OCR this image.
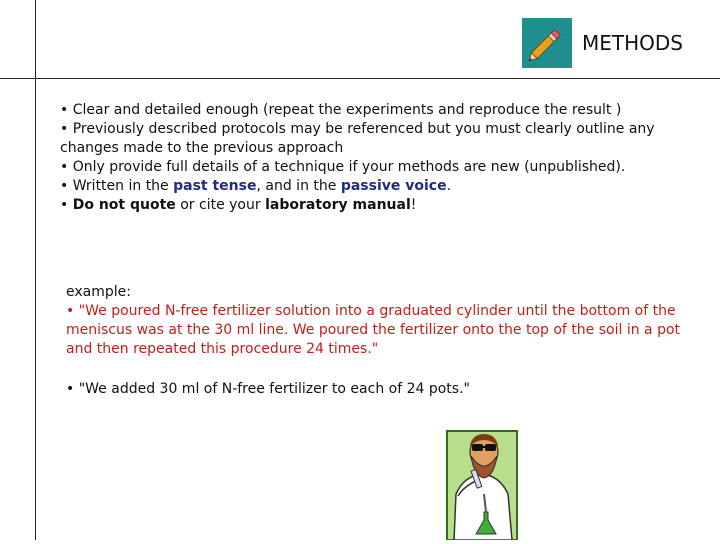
METHODS

• Clear and detailed enough (repeat the experiments and reproduce the result )

• Previously described protocols may be referenced but you must clearly outline any changes made to the previous approach

• Only provide full details of a technique if your methods are new (unpublished).

• Written in the past tense, and in the passive voice.

• Do not quote or cite your laboratory manual!

example:

• "We poured N-free fertilizer solution into a graduated cylinder until the bottom of the meniscus was at the 30 ml line. We poured the fertilizer onto the top of the soil in a pot and then repeated this procedure 24 times."

• "We added 30 ml of N-free fertilizer to each of 24 pots."
